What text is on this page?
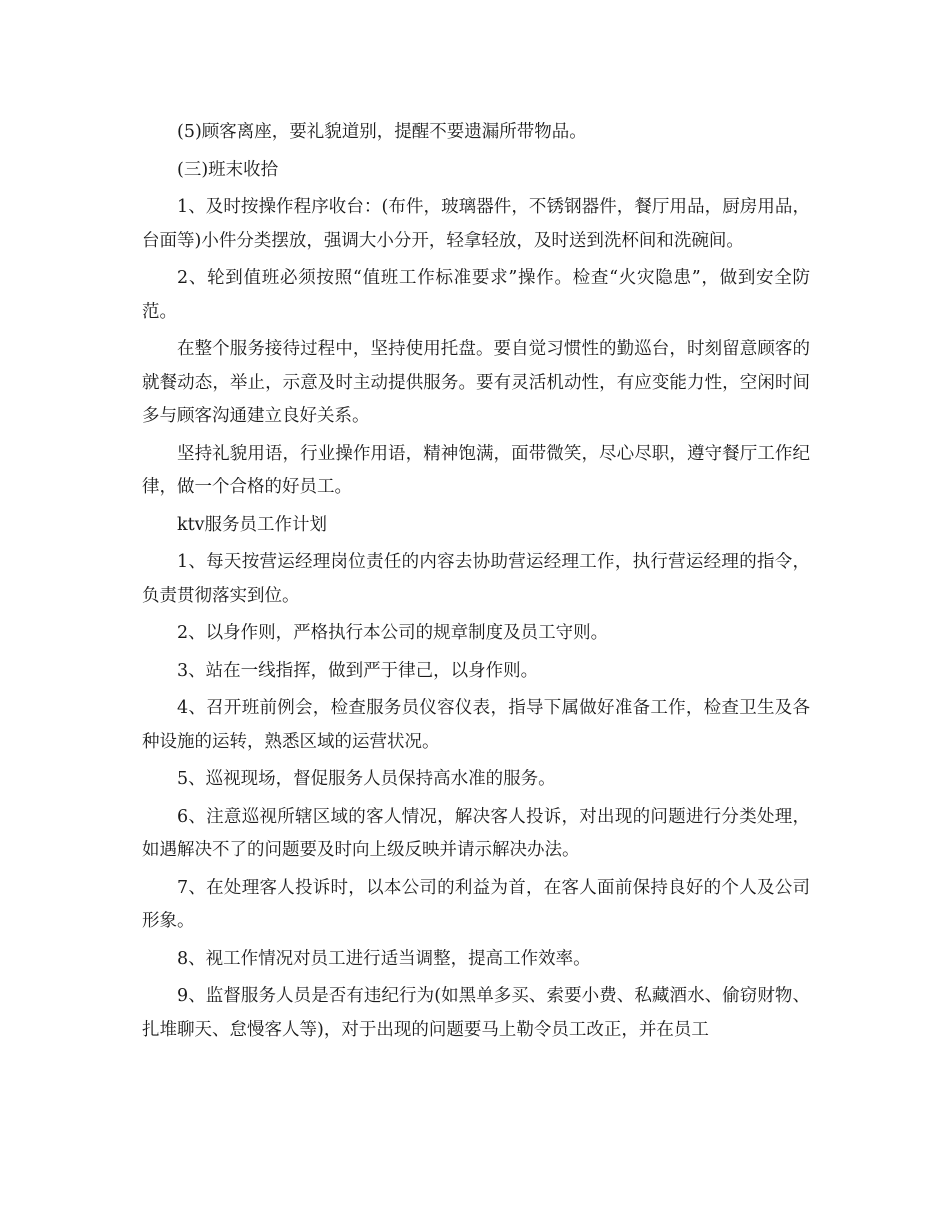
(5)顾客离座，要礼貌道别，提醒不要遗漏所带物品。

(三)班末收拾

1、及时按操作程序收台：(布件，玻璃器件，不锈钢器件，餐厅用品，厨房用品，台面等)小件分类摆放，强调大小分开，轻拿轻放，及时送到洗杯间和洗碗间。

2、轮到值班必须按照“值班工作标准要求”操作。检查“火灾隐患”，做到安全防范。

在整个服务接待过程中，坚持使用托盘。要自觉习惯性的勤巡台，时刻留意顾客的就餐动态，举止，示意及时主动提供服务。要有灵活机动性，有应变能力性，空闲时间多与顾客沟通建立良好关系。

坚持礼貌用语，行业操作用语，精神饱满，面带微笑，尽心尽职，遵守餐厅工作纪律，做一个合格的好员工。

ktv服务员工作计划

1、每天按营运经理岗位责任的内容去协助营运经理工作，执行营运经理的指令，负责贯彻落实到位。

2、以身作则，严格执行本公司的规章制度及员工守则。

3、站在一线指挥，做到严于律己，以身作则。

4、召开班前例会，检查服务员仪容仪表，指导下属做好准备工作，检查卫生及各种设施的运转，熟悉区域的运营状况。

5、巡视现场，督促服务人员保持高水准的服务。

6、注意巡视所辖区域的客人情况，解决客人投诉，对出现的问题进行分类处理，如遇解决不了的问题要及时向上级反映并请示解决办法。

7、在处理客人投诉时，以本公司的利益为首，在客人面前保持良好的个人及公司形象。

8、视工作情况对员工进行适当调整，提高工作效率。

9、监督服务人员是否有违纪行为(如黑单多买、索要小费、私藏酒水、偷窃财物、扎堆聊天、怠慢客人等)，对于出现的问题要马上勒令员工改正，并在员工
